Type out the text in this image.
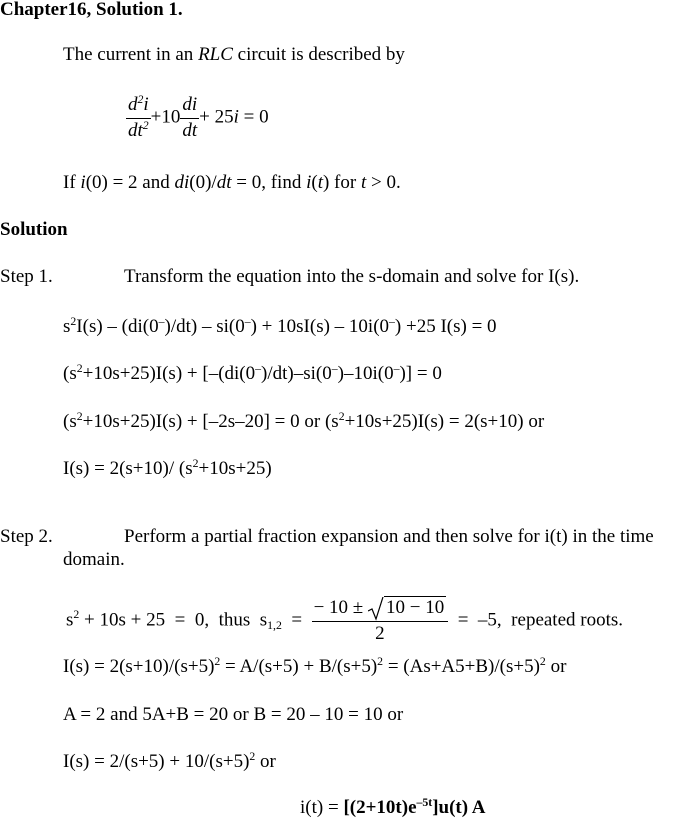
Chapter16, Solution 1.
The current in an RLC circuit is described by
$\frac{d^2i}{dt^2} +10 \frac{di}{dt} + 25i = 0$
If i(0) = 2 and di(0)/dt = 0, find i(t) for t > 0.
Solution
Step 1.	Transform the equation into the s-domain and solve for I(s).
$s^2I(s) - (di(0^-)/dt) - si(0^-) + 10sI(s) - 10i(0^-) +25$ I(s) = 0
$(s^2+10s+25)I(s) + [-(di(0^-)/dt)-si(0^-)-10i(0^-)] = 0$
$(s^2+10s+25)I(s) + [-2s-20] = 0$ or $(s^2+10s+25)I(s) = 2(s+10)$ or
I(s) = 2(s+10)/ $(s^2+10s+25)$
Step 2.	Perform a partial fraction expansion and then solve for i(t) in the time
domain.
$s^2 + 10s + 25 = 0$,  thus  $s_{1,2}$  = − 10 ±
10 − 10
2 =  –5,  repeated roots.
$I(s) = 2(s+10)/(s+5)^2 = A/(s+5) + B/(s+5)^2 = (As+A5+B)/(s+5)^2$ or
A = 2 and 5A+B = 20 or B = 20 – 10 = 10 or
$I(s) = 2/(s+5) + 10/(s+5)^2$ or
$i(t) = [(2+10t)e^{-5t}]u(t)$ A
